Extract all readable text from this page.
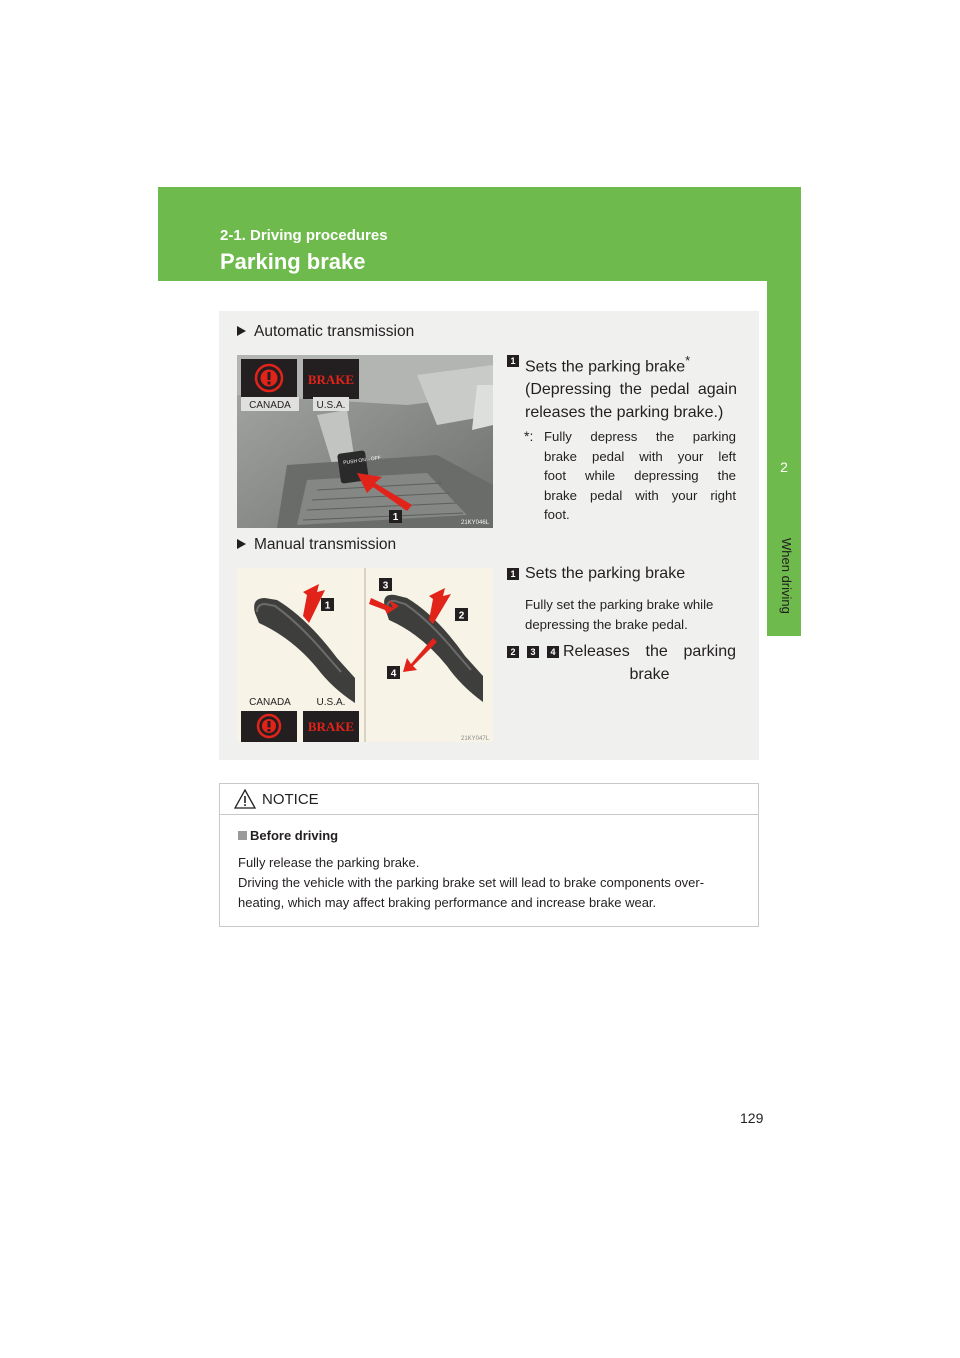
2-1. Driving procedures
Parking brake
2
When driving
Automatic transmission
PUSH ON→OFF
1
BRAKE
CANADA	U.S.A.
21KY046L
1 Sets the parking brake*
(Depressing the pedal again
releases the parking brake.)
*: Fully depress the parking
brake pedal with your left
foot while depressing the
brake pedal with your right
foot.
Manual transmission
1
3
2
4
CANADA	U.S.A.
BRAKE
21KY047L
1 Sets the parking brake
Fully set the parking brake while
depressing the brake pedal.
2	3	4 Releases the parking
brake
NOTICE
Before driving
Fully release the parking brake.
Driving the vehicle with the parking brake set will lead to brake components over-
heating, which may affect braking performance and increase brake wear.
129
